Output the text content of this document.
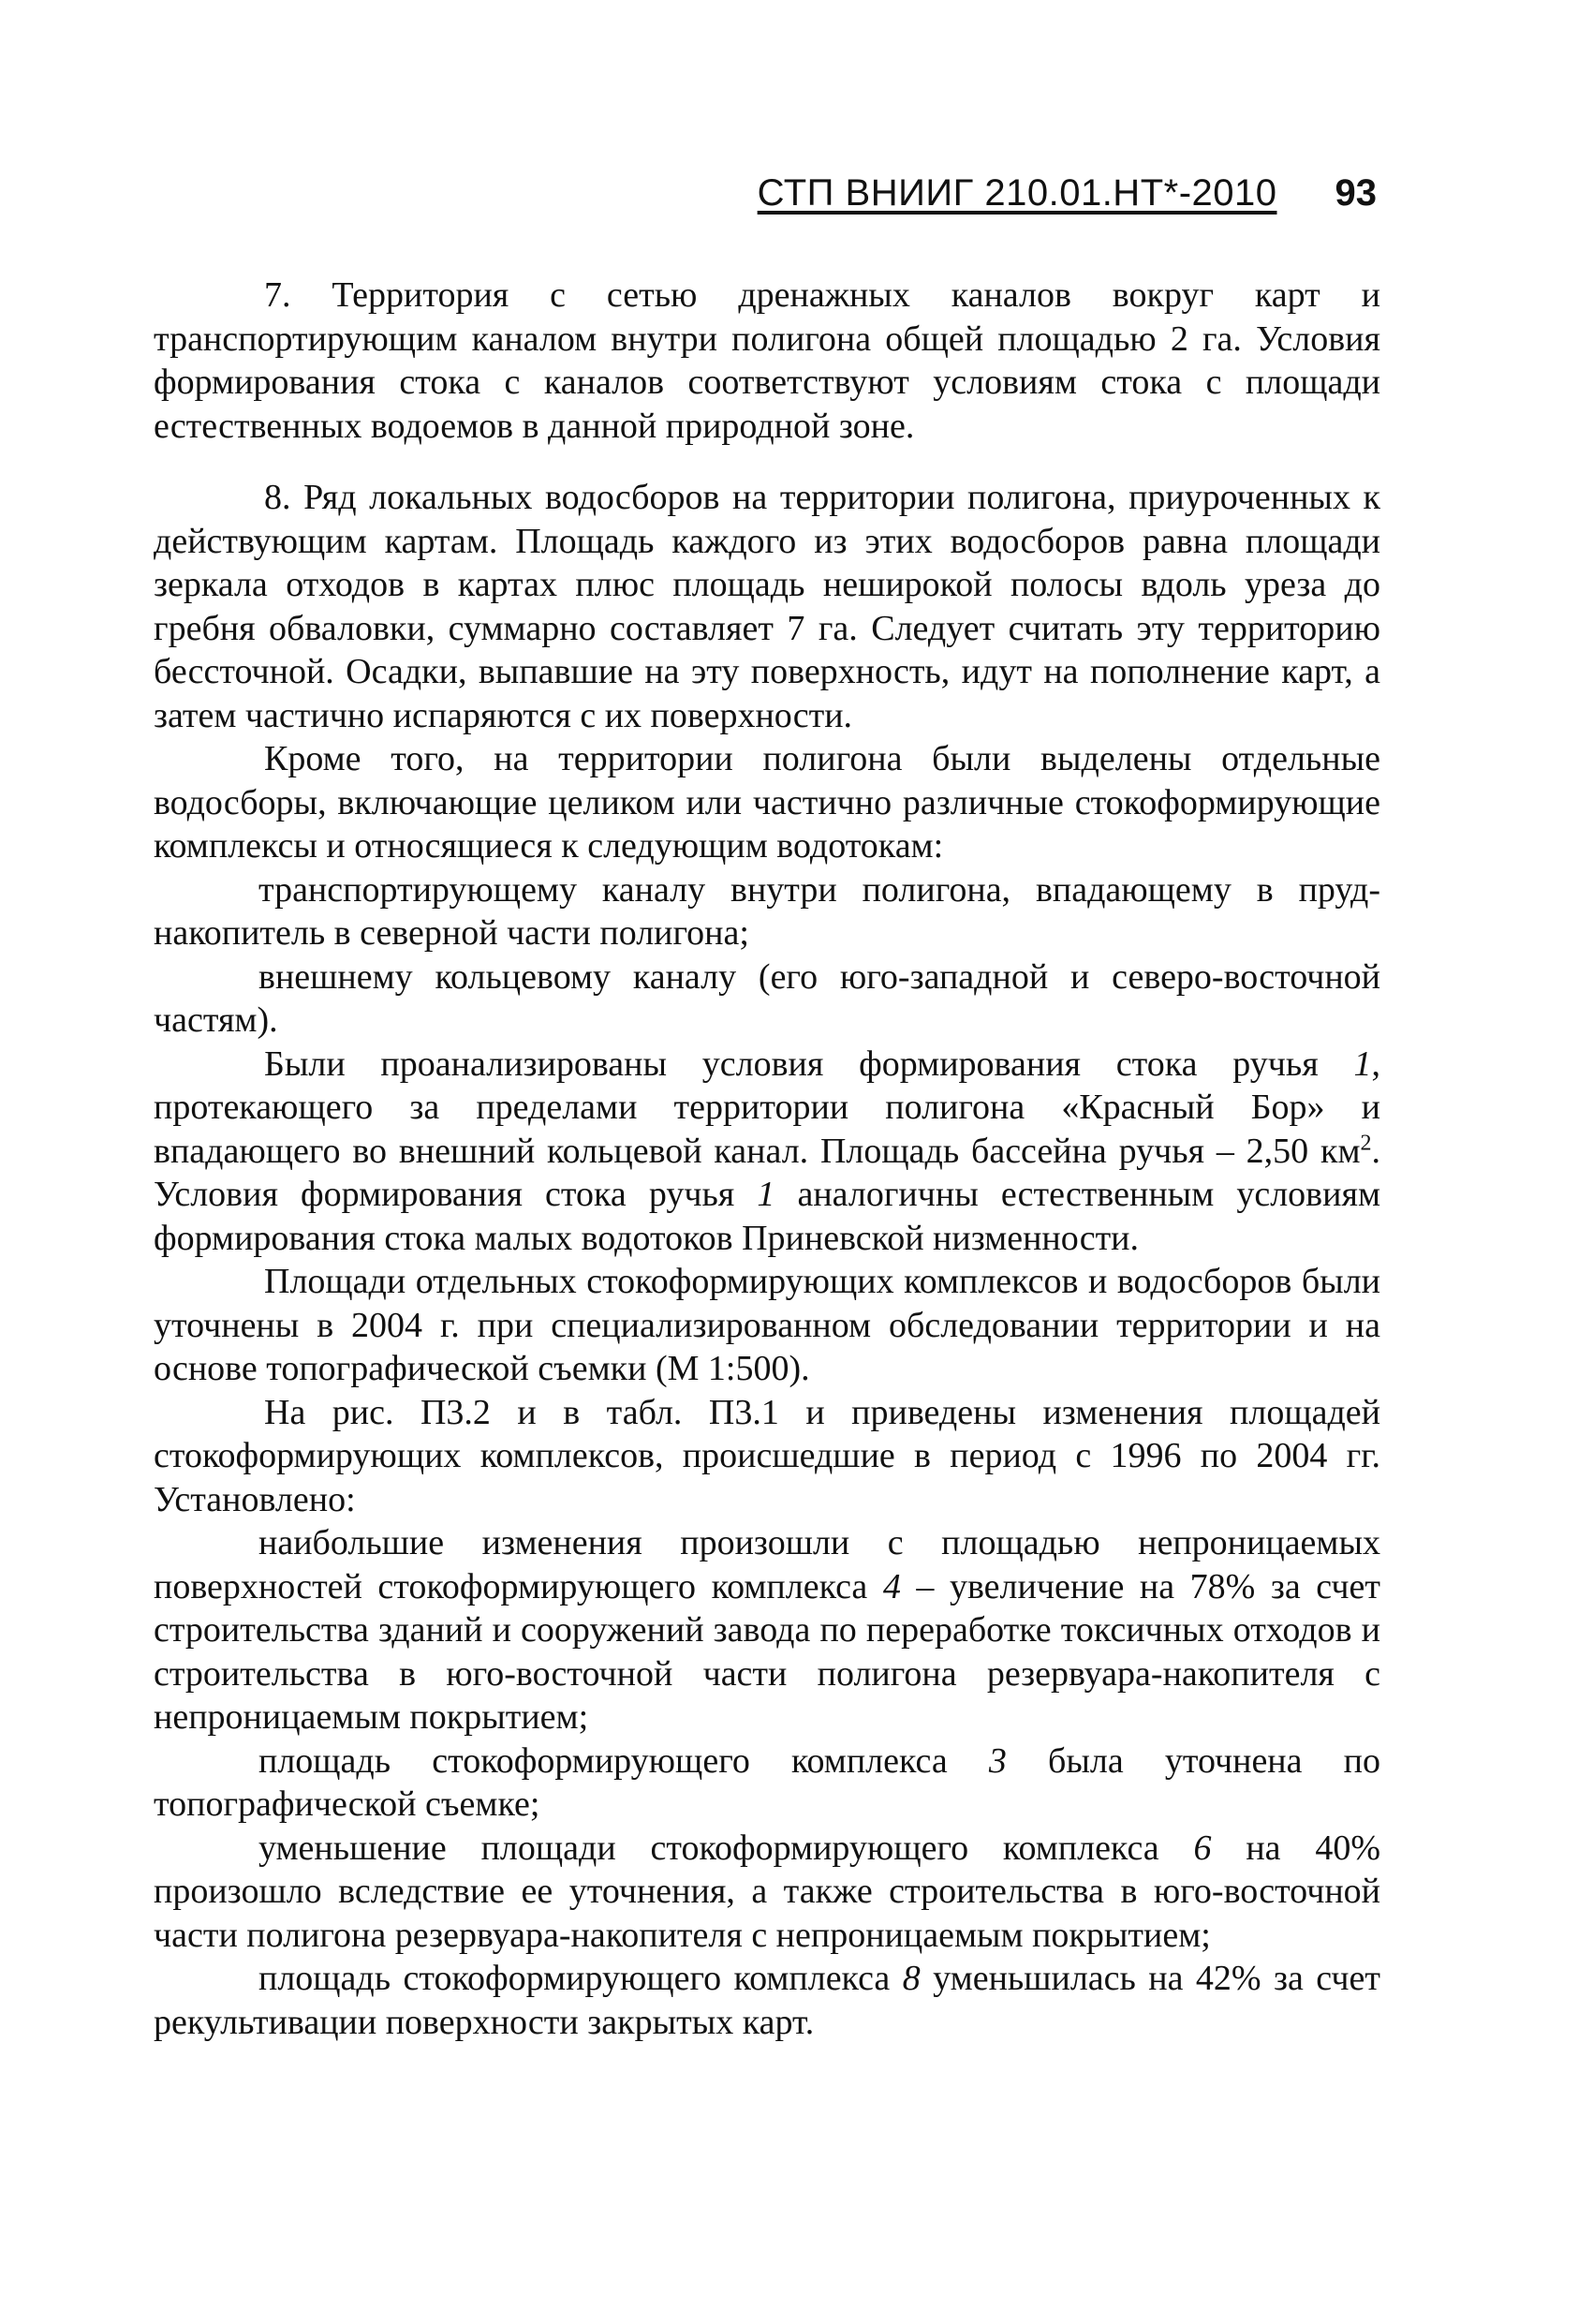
СТП ВНИИГ 210.01.НТ*-2010 93

7. Территория с сетью дренажных каналов вокруг карт и транспортирующим каналом внутри полигона общей площадью 2 га. Условия формирования стока с каналов соответствуют условиям стока с площади естественных водоемов в данной природной зоне.

8. Ряд локальных водосборов на территории полигона, приуроченных к действующим картам. Площадь каждого из этих водосборов равна площади зеркала отходов в картах плюс площадь неширокой полосы вдоль уреза до гребня обваловки, суммарно составляет 7 га. Следует считать эту территорию бессточной. Осадки, выпавшие на эту поверхность, идут на пополнение карт, а затем частично испаряются с их поверхности.

Кроме того, на территории полигона были выделены отдельные водосборы, включающие целиком или частично различные стокоформирующие комплексы и относящиеся к следующим водотокам:

транспортирующему каналу внутри полигона, впадающему в пруд-накопитель в северной части полигона;

внешнему кольцевому каналу (его юго-западной и северо-восточной частям).

Были проанализированы условия формирования стока ручья 1, протекающего за пределами территории полигона «Красный Бор» и впадающего во внешний кольцевой канал. Площадь бассейна ручья – 2,50 $км^2$. Условия формирования стока ручья 1 аналогичны естественным условиям формирования стока малых водотоков Приневской низменности.

Площади отдельных стокоформирующих комплексов и водосборов были уточнены в 2004 г. при специализированном обследовании территории и на основе топографической съемки (М 1:500).

На рис. П3.2 и в табл. П3.1 и приведены изменения площадей стокоформирующих комплексов, происшедшие в период с 1996 по 2004 гг. Установлено:

наибольшие изменения произошли с площадью непроницаемых поверхностей стокоформирующего комплекса 4 – увеличение на 78% за счет строительства зданий и сооружений завода по переработке токсичных отходов и строительства в юго-восточной части полигона резервуара-накопителя с непроницаемым покрытием;

площадь стокоформирующего комплекса 3 была уточнена по топографической съемке;

уменьшение площади стокоформирующего комплекса 6 на 40% произошло вследствие ее уточнения, а также строительства в юго-восточной части полигона резервуара-накопителя с непроницаемым покрытием;

площадь стокоформирующего комплекса 8 уменьшилась на 42% за счет рекультивации поверхности закрытых карт.
